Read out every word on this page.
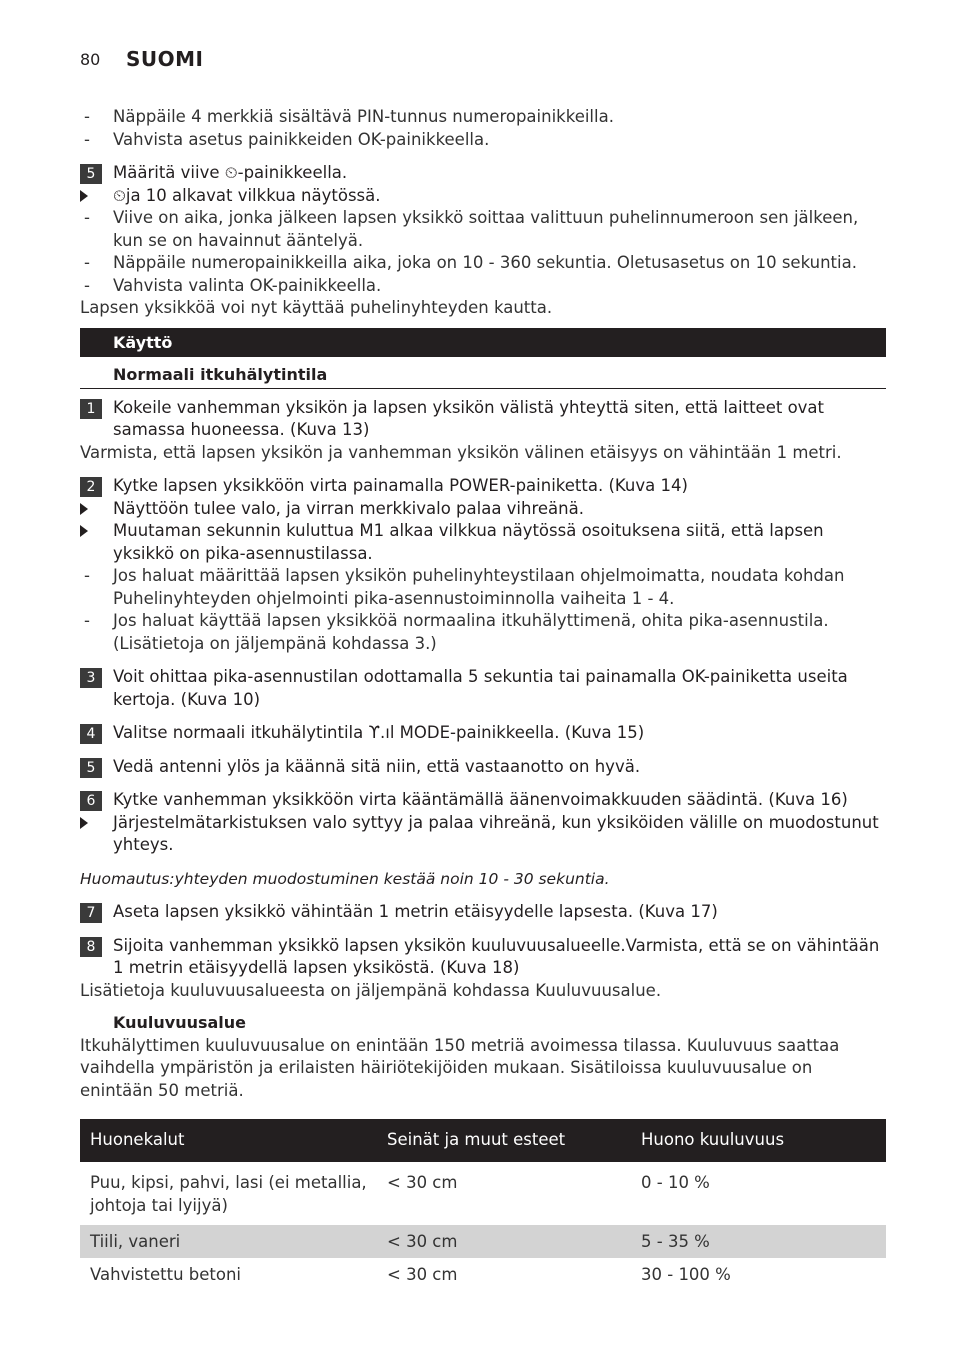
80 SUOMI
-	Näppäile 4 merkkiä sisältävä PIN-tunnus numeropainikkeilla.
-	Vahvista asetus painikkeiden OK-painikkeella.
5	Määritä viive ⏲-painikkeella.
⏲ja 10 alkavat vilkkua näytössä.
-	Viive on aika, jonka jälkeen lapsen yksikkö soittaa valittuun puhelinnumeroon sen jälkeen, kun se on havainnut ääntelyä.
-	Näppäile numeropainikkeilla aika, joka on 10 - 360 sekuntia. Oletusasetus on 10 sekuntia.
-	Vahvista valinta OK-painikkeella.
Lapsen yksikköä voi nyt käyttää puhelinyhteyden kautta.
Käyttö
Normaali itkuhälytintila
1	Kokeile vanhemman yksikön ja lapsen yksikön välistä yhteyttä siten, että laitteet ovat samassa huoneessa. (Kuva 13)
Varmista, että lapsen yksikön ja vanhemman yksikön välinen etäisyys on vähintään 1 metri.
2	Kytke lapsen yksikköön virta painamalla POWER-painiketta. (Kuva 14)
Näyttöön tulee valo, ja virran merkkivalo palaa vihreänä.
Muutaman sekunnin kuluttua M1 alkaa vilkkua näytössä osoituksena siitä, että lapsen yksikkö on pika-asennustilassa.
-	Jos haluat määrittää lapsen yksikön puhelinyhteystilaan ohjelmoimatta, noudata kohdan Puhelinyhteyden ohjelmointi pika-asennustoiminnolla vaiheita 1 - 4.
-	Jos haluat käyttää lapsen yksikköä normaalina itkuhälyttimenä, ohita pika-asennustila. (Lisätietoja on jäljempänä kohdassa 3.)
3	Voit ohittaa pika-asennustilan odottamalla 5 sekuntia tai painamalla OK-painiketta useita kertoja. (Kuva 10)
4	Valitse normaali itkuhälytintila ϒ.ıl MODE-painikkeella. (Kuva 15)
5	Vedä antenni ylös ja käännä sitä niin, että vastaanotto on hyvä.
6	Kytke vanhemman yksikköön virta kääntämällä äänenvoimakkuuden säädintä. (Kuva 16)
Järjestelmätarkistuksen valo syttyy ja palaa vihreänä, kun yksiköiden välille on muodostunut yhteys.
Huomautus:yhteyden muodostuminen kestää noin 10 - 30 sekuntia.
7	Aseta lapsen yksikkö vähintään 1 metrin etäisyydelle lapsesta. (Kuva 17)
8	Sijoita vanhemman yksikkö lapsen yksikön kuuluvuusalueelle.Varmista, että se on vähintään 1 metrin etäisyydellä lapsen yksiköstä. (Kuva 18)
Lisätietoja kuuluvuusalueesta on jäljempänä kohdassa Kuuluvuusalue.
Kuuluvuusalue
Itkuhälyttimen kuuluvuusalue on enintään 150 metriä avoimessa tilassa. Kuuluvuus saattaa vaihdella ympäristön ja erilaisten häiriötekijöiden mukaan. Sisätiloissa kuuluvuusalue on enintään 50 metriä.
Huonekalut	Seinät ja muut esteet	Huono kuuluvuus
Puu, kipsi, pahvi, lasi (ei metallia, johtoja tai lyijyä)	< 30 cm	0 - 10 %
Tiili, vaneri	< 30 cm	5 - 35 %
Vahvistettu betoni	< 30 cm	30 - 100 %
